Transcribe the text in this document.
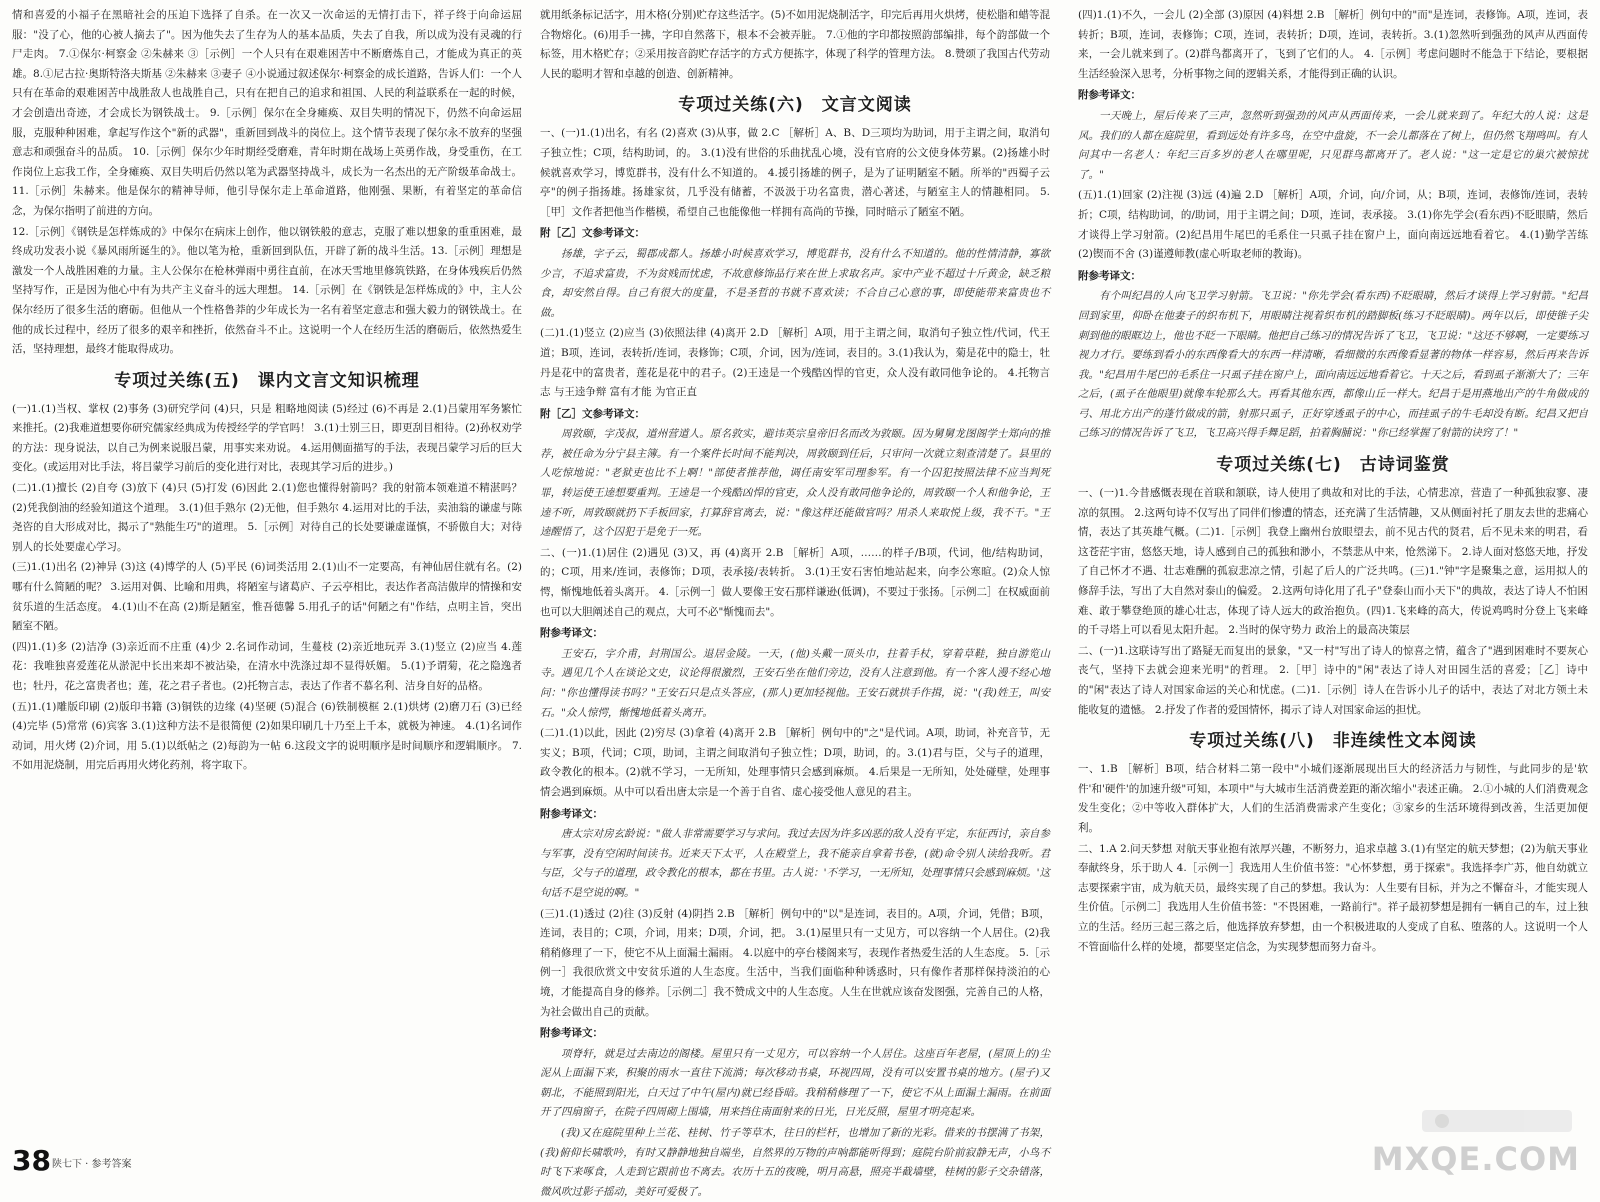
情和喜爱的小福子在黑暗社会的压迫下选择了自杀。在一次又一次命运的无情打击下，祥子终于向命运屈服："没了心，他的心被人摘去了"。因为他失去了生存为人的基本品质，失去了自我，所以成为没有灵魂的行尸走肉。 7.①保尔·柯察金 ②朱赫来 ③［示例］一个人只有在艰难困苦中不断磨炼自己，才能成为真正的英雄。8.①尼古拉·奥斯特洛夫斯基 ②朱赫来 ③妻子 ④小说通过叙述保尔·柯察金的成长道路，告诉人们：一个人只有在革命的艰难困苦中战胜敌人也战胜自己，只有在把自己的追求和祖国、人民的利益联系在一起的时候，才会创造出奇迹，才会成长为钢铁战士。 9.［示例］保尔在全身瘫痪、双目失明的情况下，仍然不向命运屈服，克服种种困难，拿起写作这个"新的武器"，重新回到战斗的岗位上。这个情节表现了保尔永不放弃的坚强意志和顽强奋斗的品质。 10.［示例］保尔少年时期经受磨难，青年时期在战场上英勇作战，身受重伤，在工作岗位上忘我工作，全身瘫痪、双目失明后仍然以笔为武器坚持战斗，成长为一名杰出的无产阶级革命战士。 11.［示例］朱赫来。他是保尔的精神导师，他引导保尔走上革命道路，他刚强、果断，有着坚定的革命信念，为保尔指明了前进的方向。

12.［示例］《钢铁是怎样炼成的》中保尔在病床上创作，他以钢铁般的意志，克服了难以想象的重重困难，最终成功发表小说《暴风雨所诞生的》。他以笔为枪，重新回到队伍，开辟了新的战斗生活。13.［示例］理想是激发一个人战胜困难的力量。主人公保尔在枪林弹雨中勇往直前，在冰天雪地里修筑铁路，在身体残疾后仍然坚持写作，正是因为他心中有为共产主义奋斗的远大理想。 14.［示例］在《钢铁是怎样炼成的》中，主人公保尔经历了很多生活的磨砺。但他从一个性格鲁莽的少年成长为一名有着坚定意志和强大毅力的钢铁战士。在他的成长过程中，经历了很多的艰辛和挫折，依然奋斗不止。这说明一个人在经历生活的磨砺后，依然热爱生活，坚持理想，最终才能取得成功。

专项过关练(五)　课内文言文知识梳理

(一)1.(1)当权、掌权 (2)事务 (3)研究学问 (4)只，只是 粗略地阅读 (5)经过 (6)不再是 2.(1)吕蒙用军务繁忙来推托。(2)我难道想要你研究儒家经典成为传授经学的学官吗！ 3.(1)士别三日，即更刮目相待。(2)孙权劝学的方法：现身说法，以自己为例来说服吕蒙，用事实来劝说。 4.运用侧面描写的手法，表现吕蒙学习后的巨大变化。(或运用对比手法，将吕蒙学习前后的变化进行对比，表现其学习后的进步。)

(二)1.(1)擅长 (2)自夸 (3)放下 (4)只 (5)打发 (6)因此 2.(1)您也懂得射箭吗？我的射箭本领难道不精湛吗？(2)凭我倒油的经验知道这个道理。 3.(1)但手熟尔 (2)无他，但手熟尔 4.运用对比的手法，卖油翁的谦虚与陈尧咨的自大形成对比，揭示了"熟能生巧"的道理。 5.［示例］对待自己的长处要谦虚谨慎，不骄傲自大；对待别人的长处要虚心学习。

(三)1.(1)出名 (2)神异 (3)这 (4)博学的人 (5)平民 (6)词类活用 2.(1)山不一定要高，有神仙居住就有名。(2)哪有什么简陋的呢？ 3.运用对偶、比喻和用典，将陋室与诸葛庐、子云亭相比，表达作者高洁傲岸的情操和安贫乐道的生活态度。 4.(1)山不在高 (2)斯是陋室，惟吾德馨 5.用孔子的话"何陋之有"作结，点明主旨，突出陋室不陋。

(四)1.(1)多 (2)洁净 (3)亲近而不庄重 (4)少 2.名词作动词，生蔓枝 (2)亲近地玩弄 3.(1)竖立 (2)应当 4.莲花：我唯独喜爱莲花从淤泥中长出来却不被沾染，在清水中洗涤过却不显得妖媚。 5.(1)予谓菊，花之隐逸者也；牡丹，花之富贵者也；莲，花之君子者也。(2)托物言志，表达了作者不慕名利、洁身自好的品格。

(五)1.(1)雕版印刷 (2)版印书籍 (3)铜铁的边缘 (4)坚硬 (5)混合 (6)铁制模框 2.(1)烘烤 (2)磨刀石 (3)已经 (4)完毕 (5)常常 (6)宾客 3.(1)这种方法不是很简便 (2)如果印刷几十乃至上千本，就极为神速。 4.(1)名词作动词，用火烤 (2)介词，用 5.(1)以纸帖之 (2)每韵为一帖 6.这段文字的说明顺序是时间顺序和逻辑顺序。 7.不如用泥烧制，用完后再用火烤化药剂，将字取下。

就用纸条标记活字，用木格(分别)贮存这些活字。(5)不如用泥烧制活字，印完后再用火烘烤，使松脂和蜡等混合物熔化。(6)用手一拂，字印自然落下，根本不会被弄脏。 7.①他的字印都按照韵部编排，每个韵部做一个标签，用木格贮存；②采用按音韵贮存活字的方式方便拣字，体现了科学的管理方法。 8.赞颂了我国古代劳动人民的聪明才智和卓越的创造、创新精神。

专项过关练(六)　文言文阅读

一、(一)1.(1)出名，有名 (2)喜欢 (3)从事，做 2.C ［解析］A、B、D三项均为助词，用于主谓之间，取消句子独立性；C项，结构助词，的。 3.(1)没有世俗的乐曲扰乱心境，没有官府的公文使身体劳累。(2)扬雄小时候就喜欢学习，博览群书，没有什么不知道的。 4.援引扬雄的例子，是为了证明陋室不陋。所举的"西蜀子云亭"的例子指扬雄。扬雄家贫，几乎没有储蓄，不汲汲于功名富贵，潜心著述，与陋室主人的情趣相同。 5.［甲］文作者把他当作楷模，希望自己也能像他一样拥有高尚的节操，同时暗示了陋室不陋。

附［乙］文参考译文：

扬雄，字子云，蜀郡成都人。扬雄小时候喜欢学习，博览群书，没有什么不知道的。他的性情清静，寡欲少言，不追求富贵，不为贫贱而忧虑，不故意修饰品行来在世上求取名声。家中产业不超过十斤黄金，缺乏粮食，却安然自得。自己有很大的度量，不是圣哲的书就不喜欢读；不合自己心意的事，即使能带来富贵也不做。

(二)1.(1)竖立 (2)应当 (3)依照法律 (4)离开 2.D ［解析］A项，用于主谓之间，取消句子独立性/代词，代王道；B项，连词，表转折/连词，表修饰；C项，介词，因为/连词，表目的。3.(1)我认为，菊是花中的隐士，牡丹是花中的富贵者，莲花是花中的君子。(2)王逵是一个残酷凶悍的官吏，众人没有敢同他争论的。 4.托物言志 与王逵争辩 富有才能 为官正直

附［乙］文参考译文：

周敦颐，字茂叔，道州营道人。原名敦实，避讳英宗皇帝旧名而改为敦颐。因为舅舅龙图阁学士郑向的推荐，被任命为分宁县主簿。有一个案件长时间不能判决，周敦颐到任后，只审问一次就立刻查清楚了。县里的人吃惊地说："老狱吏也比不上啊！"部使者推荐他，调任南安军司理参军。有一个囚犯按照法律不应当判死罪，转运使王逵想要重判。王逵是一个残酷凶悍的官吏，众人没有敢同他争论的，周敦颐一个人和他争论，王逵不听，周敦颐就扔下手板回家，打算辞官离去，说："像这样还能做官吗？用杀人来取悦上级，我不干。"王逵醒悟了，这个囚犯于是免于一死。

二、(一)1.(1)居住 (2)遇见 (3)又，再 (4)离开 2.B ［解析］A项，……的样子/B项，代词，他/结构助词，的；C项，用来/连词，表修饰；D项，表承接/表转折。 3.(1)王安石害怕地站起来，向李公寒暄。(2)众人惊愕，惭愧地低着头离开。 4.［示例一］做人要像王安石那样谦逊(低调)，不要过于张扬。［示例二］在权威面前也可以大胆阐述自己的观点，大可不必"惭愧而去"。

附参考译文：

王安石，字介甫，封荆国公。退居金陵。一天，(他)头戴一顶头巾，拄着手杖，穿着草鞋，独自游览山寺。遇见几个人在谈论文史，议论得很激烈，王安石坐在他们旁边，没有人注意到他。有一个客人漫不经心地问："你也懂得读书吗？"王安石只是点头答应，(那人)更加轻视他。王安石就拱手作揖，说："(我)姓王，叫安石。"众人惊愕，惭愧地低着头离开。

(二)1.(1)以此，因此 (2)穷尽 (3)拿着 (4)离开 2.B ［解析］例句中的"之"是代词。A项，助词，补充音节，无实义；B项，代词；C项，助词，主谓之间取消句子独立性；D项，助词，的。3.(1)君与臣，父与子的道理，政令教化的根本。(2)就不学习，一无所知，处理事情只会感到麻烦。 4.后果是一无所知，处处碰壁，处理事情会遇到麻烦。从中可以看出唐太宗是一个善于自省、虚心接受他人意见的君主。

附参考译文：

唐太宗对房玄龄说："做人非常需要学习与求问。我过去因为许多凶恶的敌人没有平定，东征西讨，亲自参与军事，没有空闲时间读书。近来天下太平，人在殿堂上，我不能亲自拿着书卷，(就)命令别人读给我听。君与臣，父与子的道理，政令教化的根本，都在书里。古人说：'不学习，一无所知，处理事情只会感到麻烦。'这句话不是空说的啊。"

(三)1.(1)透过 (2)往 (3)反射 (4)阴挡 2.B ［解析］例句中的"以"是连词，表目的。A项，介词，凭借；B项，连词，表目的；C项，介词，用来；D项，介词，把。 3.(1)屋里只有一丈见方，可以容纳一个人居住。(2)我稍稍修理了一下，使它不从上面漏土漏雨。 4.以庭中的亭台楼阁来写，表现作者热爱生活的人生态度。 5.［示例一］我很欣赏文中安贫乐道的人生态度。生活中，当我们面临种种诱惑时，只有像作者那样保持淡泊的心境，才能提高自身的修养。［示例二］我不赞成文中的人生态度。人生在世就应该奋发图强，完善自己的人格，为社会做出自己的贡献。

附参考译文：

项脊轩，就是过去南边的阁楼。屋里只有一丈见方，可以容纳一个人居住。这座百年老屋，(屋顶上的)尘泥从上面漏下来，积聚的雨水一直往下流淌；每次移动书桌，环视四周，没有可以安置书桌的地方。(屋子)又朝北，不能照到阳光，白天过了中午(屋内)就已经昏暗。我稍稍修理了一下，使它不从上面漏土漏雨。在前面开了四扇窗子，在院子四周砌上围墙，用来挡住南面射来的日光，日光反照，屋里才明亮起来。

(我)又在庭院里种上兰花、桂树、竹子等草木，往日的栏杆，也增加了新的光彩。借来的书摆满了书架，(我)俯仰长啸歌吟，有时又静静地独自端坐，自然界的万物的声响都能听得到；庭院台阶前寂静无声，小鸟不时飞下来啄食，人走到它跟前也不离去。农历十五的夜晚，明月高悬，照亮半截墙壁，桂树的影子交杂错落，微风吹过影子摇动，美好可爱极了。

(四)1.(1)不久，一会儿 (2)全部 (3)原因 (4)料想 2.B ［解析］例句中的"而"是连词，表修饰。A项，连词，表转折；B项，连词，表修饰；C项，连词，表转折；D项，连词，表转折。3.(1)忽然听到强劲的风声从西面传来，一会儿就来到了。(2)群鸟都离开了，飞到了它们的人。 4.［示例］考虑问题时不能急于下结论，要根据生活经验深入思考，分析事物之间的逻辑关系，才能得到正确的认识。

附参考译文：

一天晚上，屋后传来了三声，忽然听到强劲的风声从西面传来，一会儿就来到了。年纪大的人说：这是风。我们的人都在庭院里，看到远处有许多鸟，在空中盘旋，不一会儿都落在了树上，但仍然飞翔鸣叫。有人问其中一名老人：年纪三百多岁的老人在哪里呢，只见群鸟都离开了。老人说："这一定是它的巢穴被惊扰了。"

(五)1.(1)回家 (2)注视 (3)远 (4)遍 2.D ［解析］A项，介词，向/介词，从；B项，连词，表修饰/连词，表转折；C项，结构助词，的/助词，用于主谓之间；D项，连词，表承接。 3.(1)你先学会(看东西)不眨眼睛，然后才谈得上学习射箭。(2)纪昌用牛尾巴的毛系住一只虱子挂在窗户上，面向南远远地看着它。 4.(1)勤学苦练 (2)锲而不舍 (3)谨遵师教(虚心听取老师的教诲)。

附参考译文：

有个叫纪昌的人向飞卫学习射箭。飞卫说："你先学会(看东西)不眨眼睛，然后才谈得上学习射箭。"纪昌回到家里，仰卧在他妻子的织布机下，用眼睛注视着织布机的踏脚板(练习不眨眼睛)。两年以后，即使锥子尖刺到他的眼眶边上，他也不眨一下眼睛。他把自己练习的情况告诉了飞卫，飞卫说："这还不够啊，一定要练习视力才行。要练到看小的东西像看大的东西一样清晰，看细微的东西像看显著的物体一样容易，然后再来告诉我。"纪昌用牛尾巴的毛系住一只虱子挂在窗户上，面向南远远地看着它。十天之后，看到虱子渐渐大了；三年之后，(虱子在他眼里)就像车轮那么大。再看其他东西，都像山丘一样大。纪昌于是用燕地出产的牛角做成的弓、用北方出产的蓬竹做成的箭，射那只虱子，正好穿透虱子的中心，而挂虱子的牛毛却没有断。纪昌又把自己练习的情况告诉了飞卫，飞卫高兴得手舞足蹈，拍着胸脯说："你已经掌握了射箭的诀窍了！"

专项过关练(七)　古诗词鉴赏

一、(一)1.今昔感慨表现在首联和颔联，诗人使用了典故和对比的手法，心情悲凉，营造了一种孤独寂寥、凄凉的氛围。 2.这两句诗不仅写出了同伴们惨遭的情态，还充满了生活情趣，又从侧面衬托了朋友去世的悲痛心情，表达了其英雄气概。(二)1.［示例］我登上幽州台放眼望去，前不见古代的贤君，后不见未来的明君，看这苍茫宇宙，悠悠天地，诗人感到自己的孤独和渺小，不禁悲从中来，怆然涕下。 2.诗人面对悠悠天地，抒发了自己怀才不遇、壮志难酬的孤寂悲凉之情，引起了后人的广泛共鸣。(三)1."钟"字是聚集之意，运用拟人的修辞手法，写出了大自然对泰山的偏爱。 2.这两句诗化用了孔子"登泰山而小天下"的典故，表达了诗人不怕困难、敢于攀登绝顶的雄心壮志，体现了诗人远大的政治抱负。(四)1.飞来峰的高大，传说鸡鸣时分登上飞来峰的千寻塔上可以看见太阳升起。 2.当时的保守势力 政治上的最高决策层

二、(一)1.这联诗写出了路疑无而复出的景象，"又一村"写出了诗人的惊喜之情，蕴含了"遇到困难时不要灰心丧气，坚持下去就会迎来光明"的哲理。 2.［甲］诗中的"闲"表达了诗人对田园生活的喜爱；［乙］诗中的"闲"表达了诗人对国家命运的关心和忧虑。(二)1.［示例］诗人在告诉小儿子的话中，表达了对北方领土未能收复的遗憾。 2.抒发了作者的爱国情怀，揭示了诗人对国家命运的担忧。

专项过关练(八)　非连续性文本阅读

一、1.B ［解析］B项，结合材料二第一段中"小城们逐渐展现出巨大的经济活力与韧性，与此同步的是'软件'和'硬件'的加速升级"可知，本项中"与大城市生活消费差距的渐次缩小"表述正确。 2.①小城的人们消费观念发生变化；②中等收入群体扩大，人们的生活消费需求产生变化；③家乡的生活环境得到改善，生活更加便利。

二、1.A 2.问天梦想 对航天事业抱有浓厚兴趣，不断努力，追求卓越 3.(1)有坚定的航天梦想；(2)为航天事业奉献终身，乐于助人 4.［示例一］我选用人生价值书签："心怀梦想，勇于探索"。我选择李广苏，他自幼就立志要探索宇宙，成为航天员，最终实现了自己的梦想。我认为：人生要有目标，并为之不懈奋斗，才能实现人生价值。［示例二］我选用人生价值书签："不畏困难，一路前行"。祥子最初梦想是拥有一辆自己的车，过上独立的生活。经历三起三落之后，他选择放弃梦想，由一个积极进取的人变成了自私、堕落的人。这说明一个人不管面临什么样的处境，都要坚定信念，为实现梦想而努力奋斗。

38 陕七下 · 参考答案	MXQE.COM
